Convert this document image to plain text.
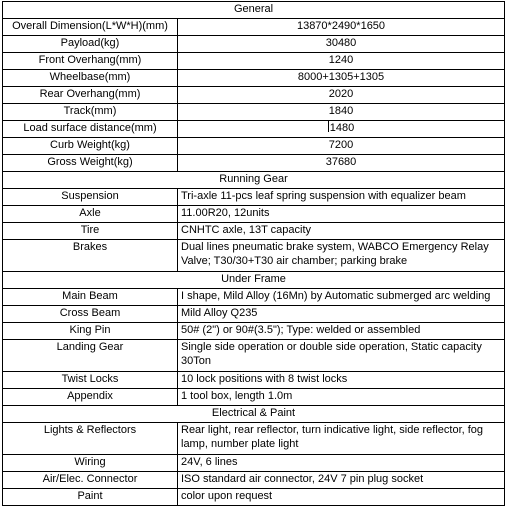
General	
Overall Dimension(L*W*H)(mm)	13870*2490*1650
Payload(kg)	30480
Front Overhang(mm)	1240
Wheelbase(mm)	8000+1305+1305
Rear Overhang(mm)	2020
Track(mm)	1840
Load surface distance(mm)	1480
Curb Weight(kg)	7200
Gross Weight(kg)	37680
Running Gear	
Suspension	Tri-axle 11-pcs leaf spring suspension with equalizer beam
Axle	11.00R20, 12units
Tire	CNHTC axle, 13T capacity
Brakes	Dual lines pneumatic brake system, WABCO Emergency Relay Valve; T30/30+T30 air chamber; parking brake
Under Frame	
Main Beam	I shape, Mild Alloy (16Mn) by Automatic submerged arc welding
Cross Beam	Mild Alloy Q235
King Pin	50# (2") or 90#(3.5"); Type: welded or assembled
Landing Gear	Single side operation or double side operation, Static capacity 30Ton
Twist Locks	10 lock positions with 8 twist locks
Appendix	1 tool box, length 1.0m
Electrical & Paint	
Lights & Reflectors	Rear light, rear reflector, turn indicative light, side reflector, fog lamp, number plate light
Wiring	24V, 6 lines
Air/Elec. Connector	ISO standard air connector, 24V 7 pin plug socket
Paint	color upon request
